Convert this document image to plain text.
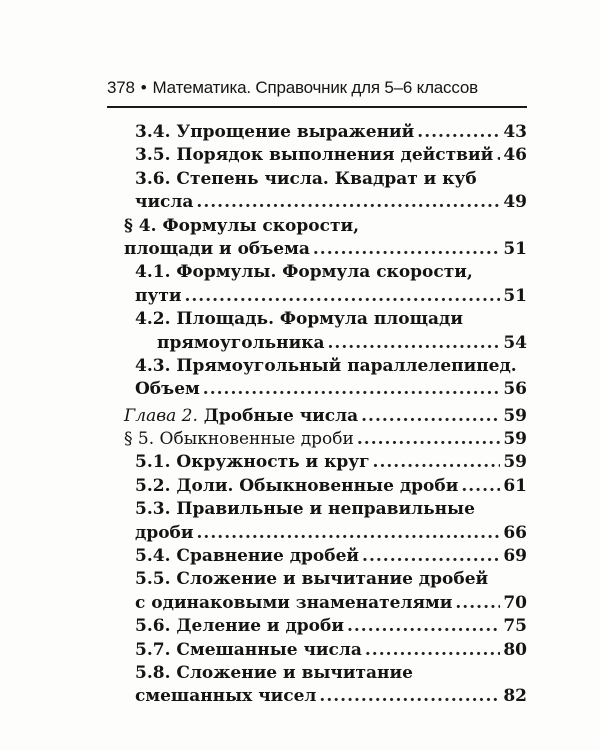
378 • Математика. Справочник для 5–6 классов
3.4. Упрощение выражений .....	43
3.5. Порядок выполнения действий ..... 46
3.6. Степень числа. Квадрат и куб
числа .....	49
§ 4. Формулы скорости,
площади и объема .....	51
4.1. Формулы. Формула скорости,
пути .....	51
4.2. Площадь. Формула площади
прямоугольника .....	54
4.3. Прямоугольный параллелепипед.
Объем .....	56
Глава 2. Дробные числа .....	59
§ 5. Обыкновенные дроби .....	59
5.1. Окружность и круг .....	59
5.2. Доли. Обыкновенные дроби .....	61
5.3. Правильные и неправильные
дроби .....	66
5.4. Сравнение дробей .....	69
5.5. Сложение и вычитание дробей
с одинаковыми знаменателями .....	70
5.6. Деление и дроби .....	75
5.7. Смешанные числа .....	80
5.8. Сложение и вычитание
смешанных чисел .....	82
